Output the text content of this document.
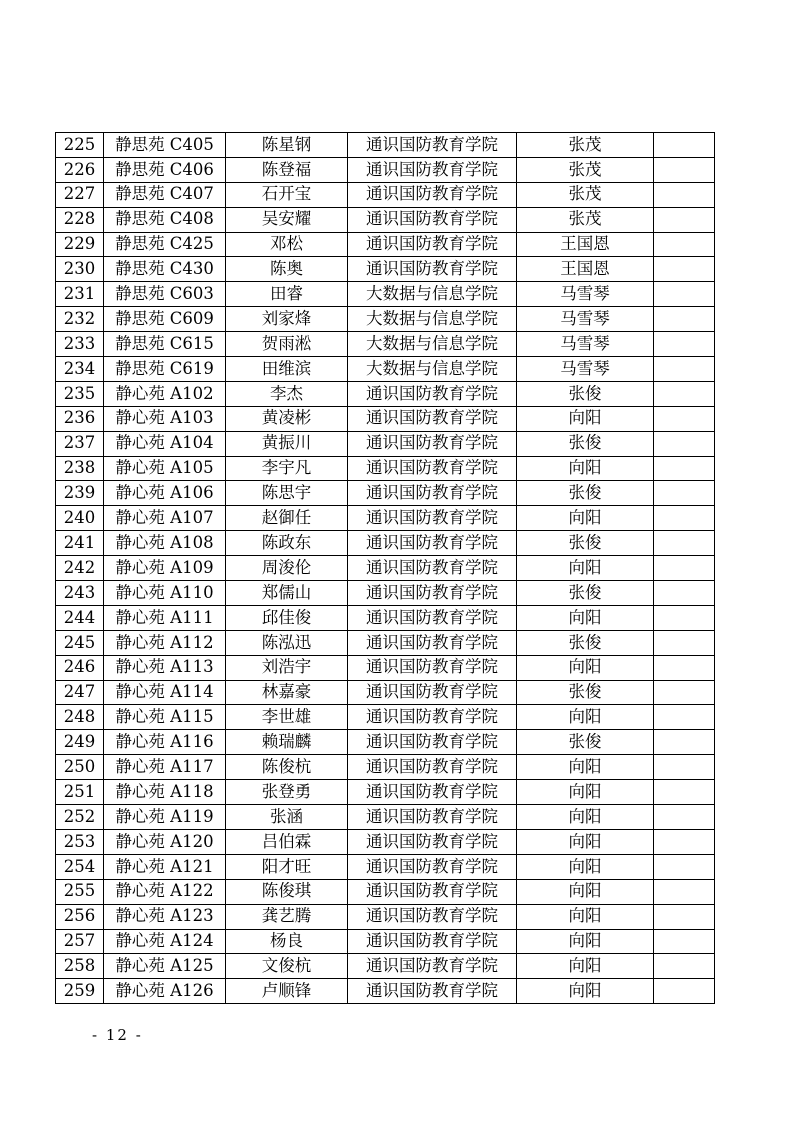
225	静思苑 C405	陈星钢	通识国防教育学院	张茂	
226	静思苑 C406	陈登福	通识国防教育学院	张茂	
227	静思苑 C407	石开宝	通识国防教育学院	张茂	
228	静思苑 C408	吴安耀	通识国防教育学院	张茂	
229	静思苑 C425	邓松	通识国防教育学院	王国恩	
230	静思苑 C430	陈奥	通识国防教育学院	王国恩	
231	静思苑 C603	田睿	大数据与信息学院	马雪琴	
232	静思苑 C609	刘家烽	大数据与信息学院	马雪琴	
233	静思苑 C615	贺雨淞	大数据与信息学院	马雪琴	
234	静思苑 C619	田维滨	大数据与信息学院	马雪琴	
235	静心苑 A102	李杰	通识国防教育学院	张俊	
236	静心苑 A103	黄凌彬	通识国防教育学院	向阳	
237	静心苑 A104	黄振川	通识国防教育学院	张俊	
238	静心苑 A105	李宇凡	通识国防教育学院	向阳	
239	静心苑 A106	陈思宇	通识国防教育学院	张俊	
240	静心苑 A107	赵御任	通识国防教育学院	向阳	
241	静心苑 A108	陈政东	通识国防教育学院	张俊	
242	静心苑 A109	周浚伦	通识国防教育学院	向阳	
243	静心苑 A110	郑儒山	通识国防教育学院	张俊	
244	静心苑 A111	邱佳俊	通识国防教育学院	向阳	
245	静心苑 A112	陈泓迅	通识国防教育学院	张俊	
246	静心苑 A113	刘浩宇	通识国防教育学院	向阳	
247	静心苑 A114	林嘉豪	通识国防教育学院	张俊	
248	静心苑 A115	李世雄	通识国防教育学院	向阳	
249	静心苑 A116	赖瑞麟	通识国防教育学院	张俊	
250	静心苑 A117	陈俊杭	通识国防教育学院	向阳	
251	静心苑 A118	张登勇	通识国防教育学院	向阳	
252	静心苑 A119	张涵	通识国防教育学院	向阳	
253	静心苑 A120	吕伯霖	通识国防教育学院	向阳	
254	静心苑 A121	阳才旺	通识国防教育学院	向阳	
255	静心苑 A122	陈俊琪	通识国防教育学院	向阳	
256	静心苑 A123	龚艺腾	通识国防教育学院	向阳	
257	静心苑 A124	杨良	通识国防教育学院	向阳	
258	静心苑 A125	文俊杭	通识国防教育学院	向阳	
259	静心苑 A126	卢顺锋	通识国防教育学院	向阳	
- 12 -
